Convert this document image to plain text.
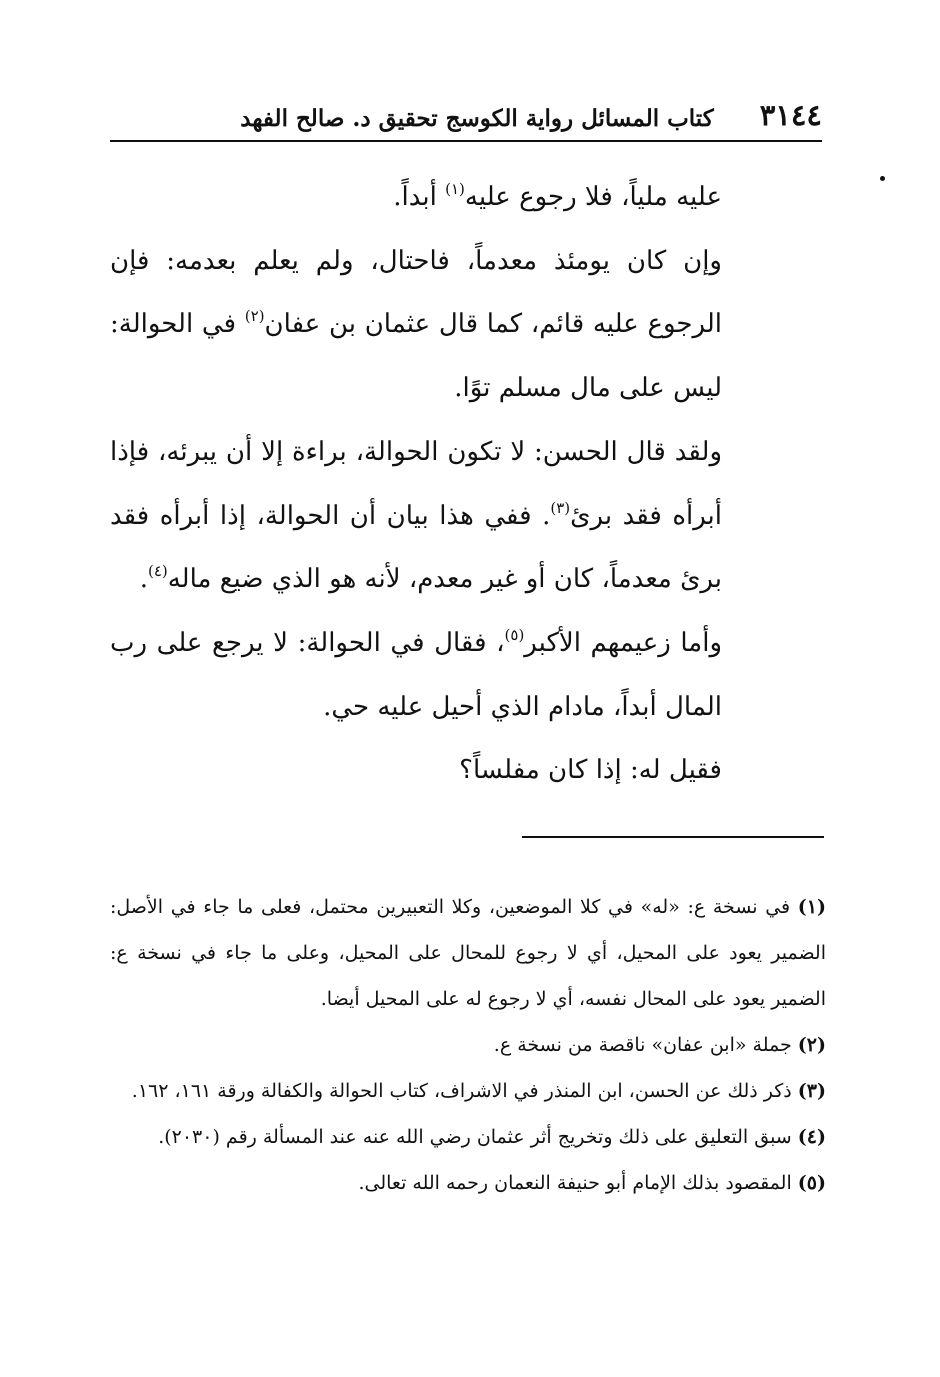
٣١٤٤
كتاب المسائل رواية الكوسج تحقيق د. صالح الفهد

عليه ملياً، فلا رجوع عليه$^{(١)}$ أبداً.

وإن كان يومئذ معدماً، فاحتال، ولم يعلم بعدمه: فإن الرجوع عليه قائم، كما قال عثمان بن عفان$^{(٢)}$ في الحوالة: ليس على مال مسلم توًا.

ولقد قال الحسن: لا تكون الحوالة، براءة إلا أن يبرئه، فإذا أبرأه فقد برئ$^{(٣)}$. ففي هذا بيان أن الحوالة، إذا أبرأه فقد برئ معدماً، كان أو غير معدم، لأنه هو الذي ضيع ماله$^{(٤)}$.

وأما زعيمهم الأكبر$^{(٥)}$، فقال في الحوالة: لا يرجع على رب المال أبداً، مادام الذي أحيل عليه حي.

فقيل له: إذا كان مفلساً؟

(١) في نسخة ع: «له» في كلا الموضعين، وكلا التعبيرين محتمل، فعلى ما جاء في الأصل: الضمير يعود على المحيل، أي لا رجوع للمحال على المحيل، وعلى ما جاء في نسخة ع: الضمير يعود على المحال نفسه، أي لا رجوع له على المحيل أيضا.

(٢) جملة «ابن عفان» ناقصة من نسخة ع.

(٣) ذكر ذلك عن الحسن، ابن المنذر في الاشراف، كتاب الحوالة والكفالة ورقة ١٦١، ١٦٢.

(٤) سبق التعليق على ذلك وتخريج أثر عثمان رضي الله عنه عند المسألة رقم (٢٠٣٠).

(٥) المقصود بذلك الإمام أبو حنيفة النعمان رحمه الله تعالى.
